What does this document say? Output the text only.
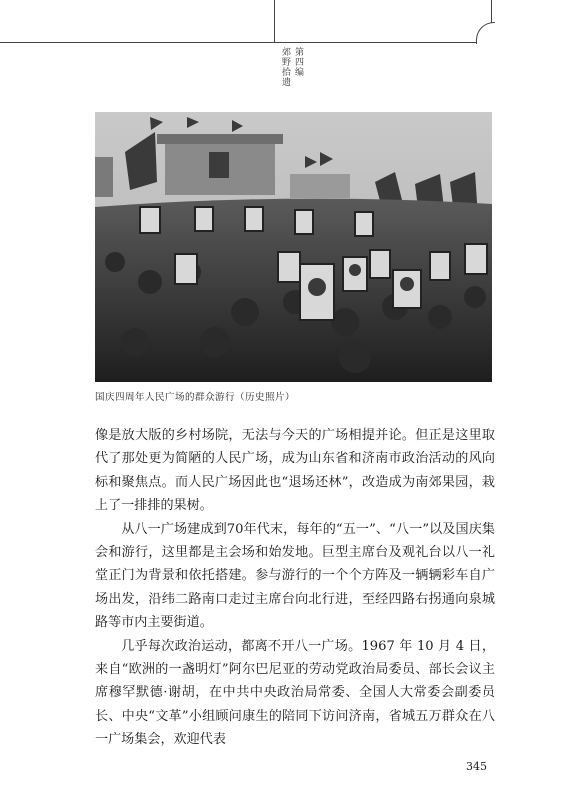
第四编
郊野拾遗
国庆四周年人民广场的群众游行（历史照片）

像是放大版的乡村场院，无法与今天的广场相提并论。但正是这里取代了那处更为简陋的人民广场，成为山东省和济南市政治活动的风向标和聚焦点。而人民广场因此也“退场还林”，改造成为南郊果园，栽上了一排排的果树。

从八一广场建成到70年代末，每年的“五一”、“八一”以及国庆集会和游行，这里都是主会场和始发地。巨型主席台及观礼台以八一礼堂正门为背景和依托搭建。参与游行的一个个方阵及一辆辆彩车自广场出发，沿纬二路南口走过主席台向北行进，至经四路右拐通向泉城路等市内主要街道。

几乎每次政治运动，都离不开八一广场。1967 年 10 月 4 日，来自“欧洲的一盏明灯”阿尔巴尼亚的劳动党政治局委员、部长会议主席穆罕默德·谢胡，在中共中央政治局常委、全国人大常委会副委员长、中央“文革”小组顾问康生的陪同下访问济南，省城五万群众在八一广场集会，欢迎代表

345
